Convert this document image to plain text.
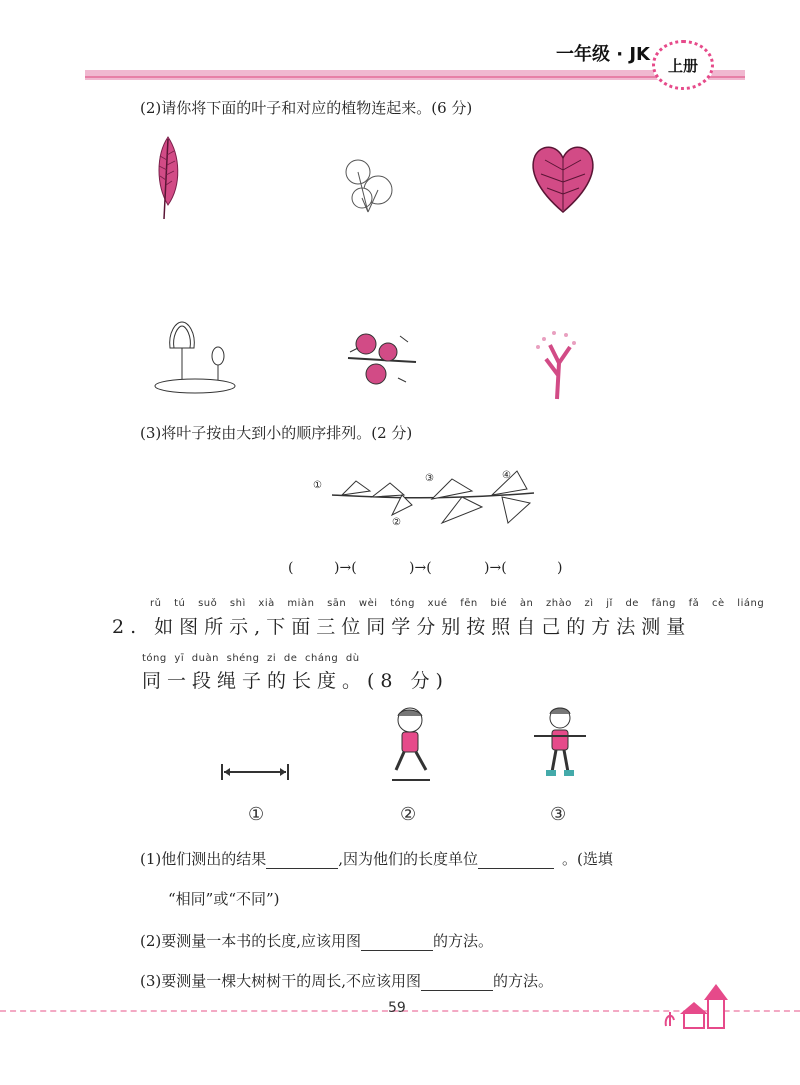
一年级 · JK
上册
(2)请你将下面的叶子和对应的植物连起来。(6 分)
(3)将叶子按由大到小的顺序排列。(2 分)
①
②
③	④
(	)→(	)→(	)→(	)
rǔ tú suǒ shì xià miàn sān wèi tóng xué fēn bié àn zhào zì jǐ de fāng fǎ cè liáng
2. 如图所示,下面三位同学分别按照自己的方法测量
tóng yī duàn shéng zi de cháng dù
同一段绳子的长度。(8 分)
①	②	③
(1)他们测出的结果	,因为他们的长度单位	。(选填
“相同”或“不同”)
(2)要测量一本书的长度,应该用图	的方法。
(3)要测量一棵大树树干的周长,不应该用图	的方法。
59
